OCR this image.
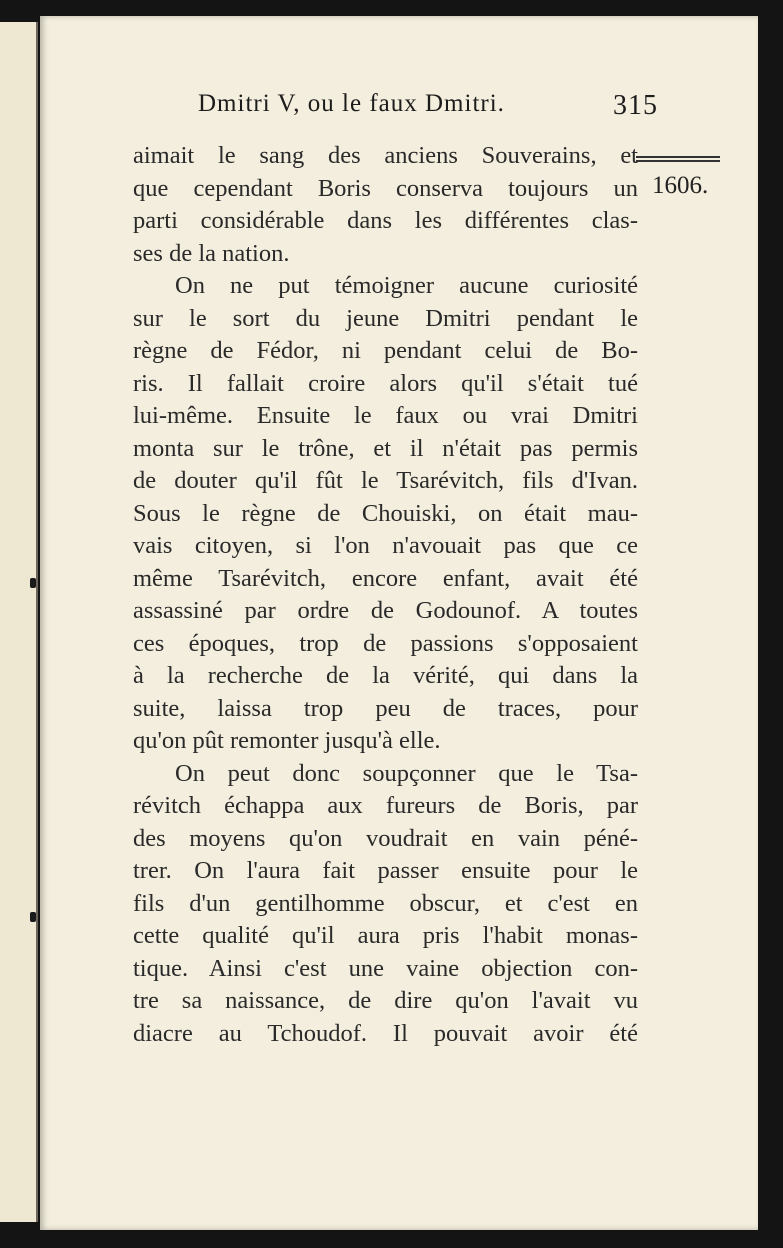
Dmitri V, ou le faux Dmitri.	315
1606.
aimait le sang des anciens Souverains, et
que cependant Boris conserva toujours un
parti considérable dans les différentes clas-
ses de la nation.
On ne put témoigner aucune curiosité
sur le sort du jeune Dmitri pendant le
règne de Fédor, ni pendant celui de Bo-
ris. Il fallait croire alors qu'il s'était tué
lui-même. Ensuite le faux ou vrai Dmitri
monta sur le trône, et il n'était pas permis
de douter qu'il fût le Tsarévitch, fils d'Ivan.
Sous le règne de Chouiski, on était mau-
vais citoyen, si l'on n'avouait pas que ce
même Tsarévitch, encore enfant, avait été
assassiné par ordre de Godounof. A toutes
ces époques, trop de passions s'opposaient
à la recherche de la vérité, qui dans la
suite, laissa trop peu de traces, pour
qu'on pût remonter jusqu'à elle.
On peut donc soupçonner que le Tsa-
révitch échappa aux fureurs de Boris, par
des moyens qu'on voudrait en vain péné-
trer. On l'aura fait passer ensuite pour le
fils d'un gentilhomme obscur, et c'est en
cette qualité qu'il aura pris l'habit monas-
tique. Ainsi c'est une vaine objection con-
tre sa naissance, de dire qu'on l'avait vu
diacre au Tchoudof. Il pouvait avoir été
